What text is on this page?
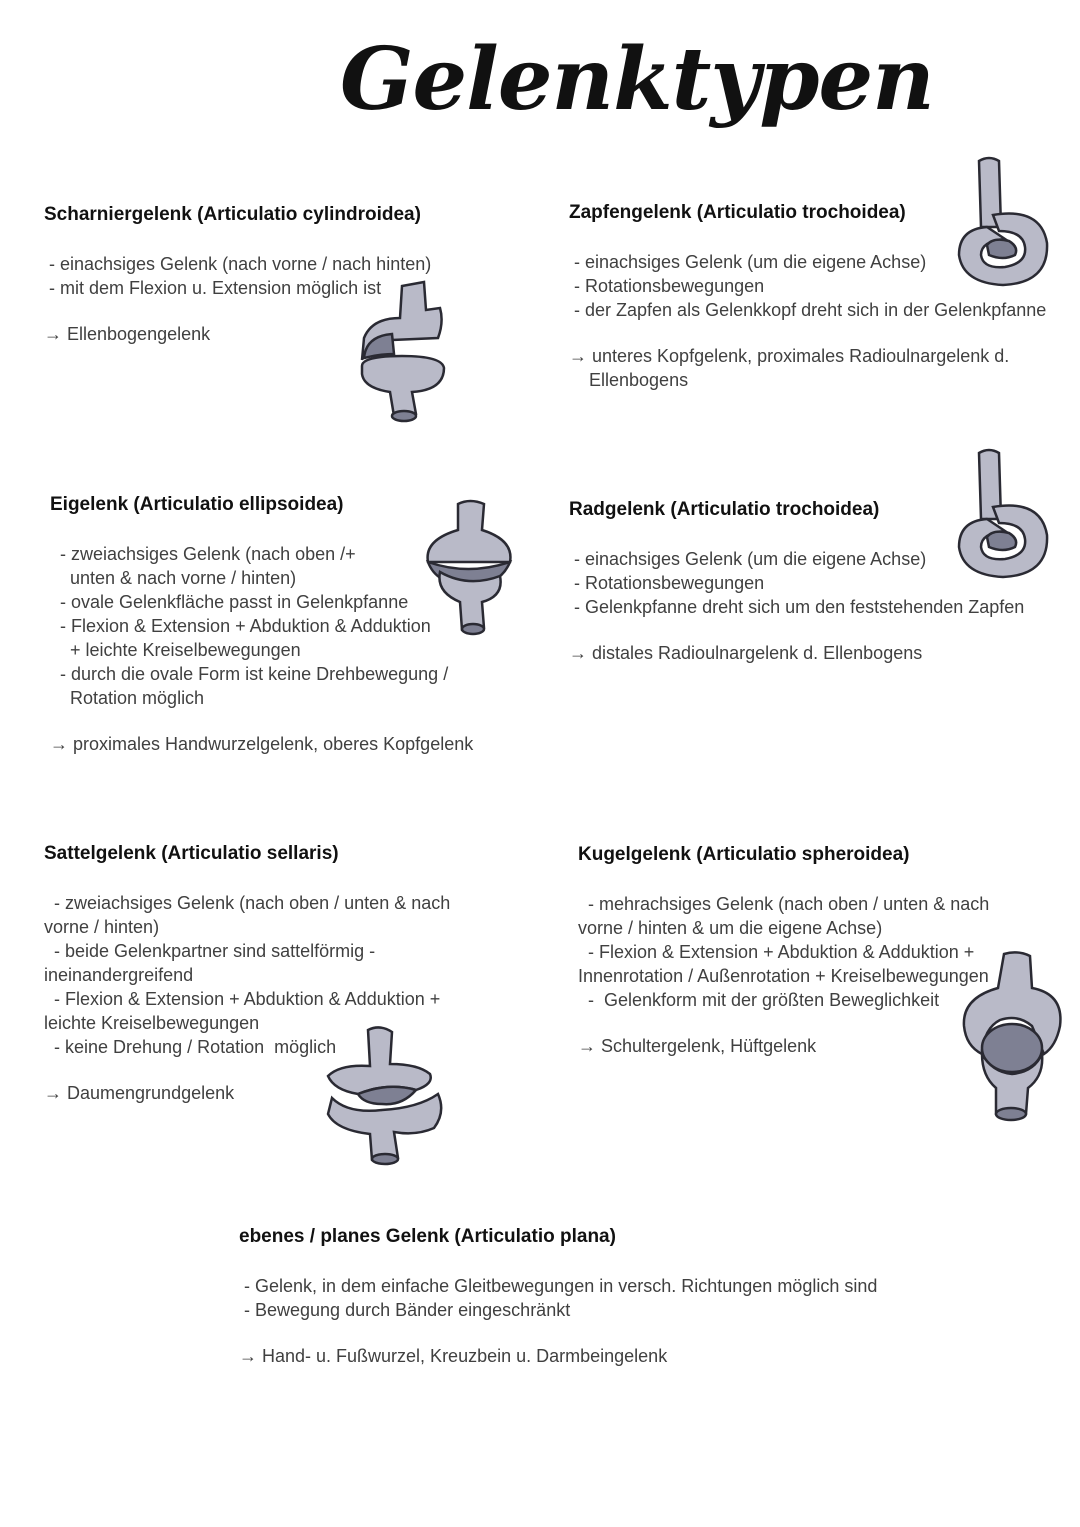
Gelenktypen
Scharniergelenk (Articulatio cylindroidea)
- einachsiges Gelenk (nach vorne / nach hinten)
- mit dem Flexion u. Extension möglich ist
→ Ellenbogengelenk
Zapfengelenk (Articulatio trochoidea)
- einachsiges Gelenk (um die eigene Achse)
- Rotationsbewegungen
- der Zapfen als Gelenkkopf dreht sich in der Gelenkpfanne
→ unteres Kopfgelenk, proximales Radioulnargelenk d.
Ellenbogens
Eigelenk (Articulatio ellipsoidea)
- zweiachsiges Gelenk (nach oben /+
unten & nach vorne / hinten)
- ovale Gelenkfläche passt in Gelenkpfanne
- Flexion & Extension + Abduktion & Adduktion
+ leichte Kreiselbewegungen
- durch die ovale Form ist keine Drehbewegung /
Rotation möglich
→ proximales Handwurzelgelenk, oberes Kopfgelenk
Radgelenk (Articulatio trochoidea)
- einachsiges Gelenk (um die eigene Achse)
- Rotationsbewegungen
- Gelenkpfanne dreht sich um den feststehenden Zapfen
→ distales Radioulnargelenk d. Ellenbogens
Sattelgelenk (Articulatio sellaris)
- zweiachsiges Gelenk (nach oben / unten & nach
vorne / hinten)
- beide Gelenkpartner sind sattelförmig -
ineinandergreifend
- Flexion & Extension + Abduktion & Adduktion +
leichte Kreiselbewegungen
- keine Drehung / Rotation  möglich
→ Daumengrundgelenk
Kugelgelenk (Articulatio spheroidea)
- mehrachsiges Gelenk (nach oben / unten & nach
vorne / hinten & um die eigene Achse)
- Flexion & Extension + Abduktion & Adduktion +
Innenrotation / Außenrotation + Kreiselbewegungen
-  Gelenkform mit der größten Beweglichkeit
→ Schultergelenk, Hüftgelenk
ebenes / planes Gelenk (Articulatio plana)
- Gelenk, in dem einfache Gleitbewegungen in versch. Richtungen möglich sind
- Bewegung durch Bänder eingeschränkt
→ Hand- u. Fußwurzel, Kreuzbein u. Darmbeingelenk
